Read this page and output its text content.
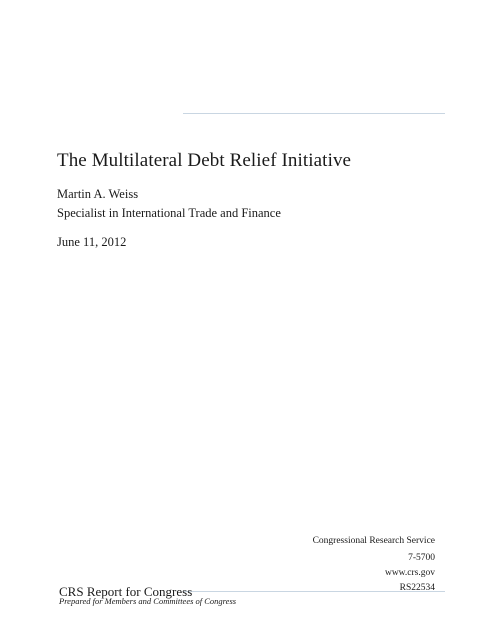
The Multilateral Debt Relief Initiative
Martin A. Weiss
Specialist in International Trade and Finance
June 11, 2012
Congressional Research Service
7-5700
www.crs.gov
RS22534
CRS Report for Congress
Prepared for Members and Committees of Congress
